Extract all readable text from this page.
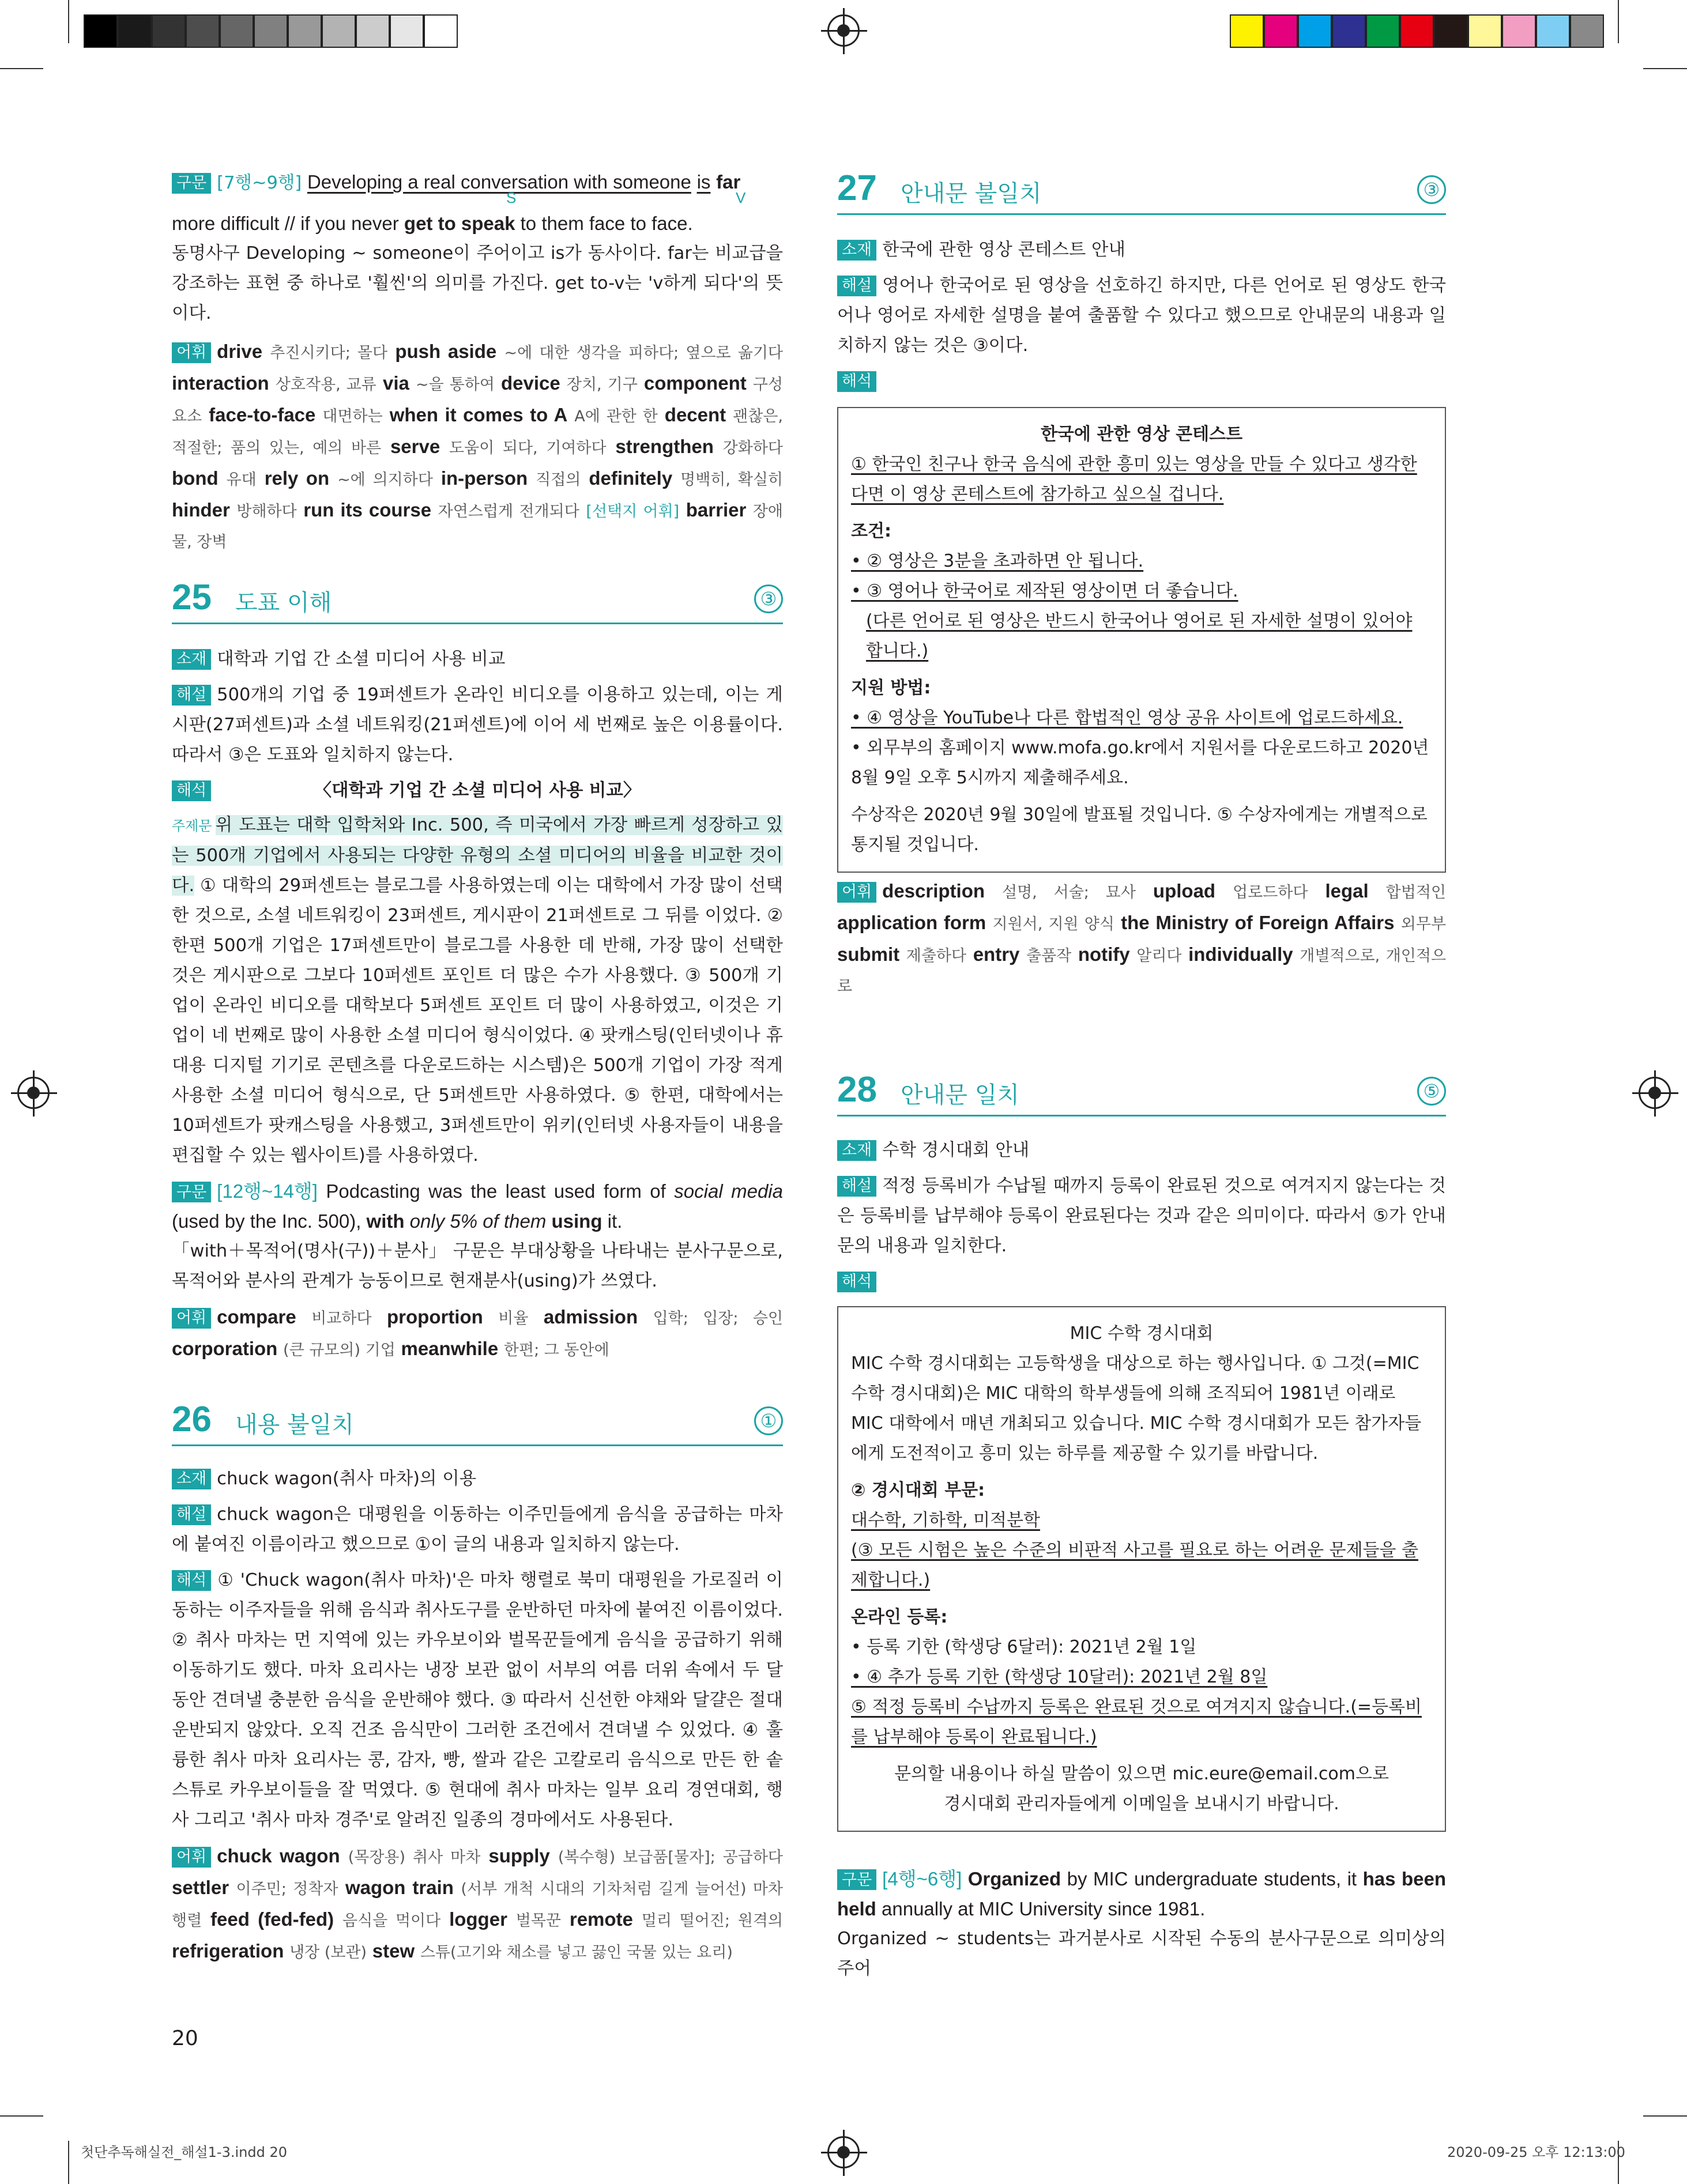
구문 [7행~9행] Developing a real conversation with someone is far

S	V

more difficult // if you never get to speak to them face to face.

동명사구 Developing ~ someone이 주어이고 is가 동사이다. far는 비교급을 강조하는 표현 중 하나로 '훨씬'의 의미를 가진다. get to-v는 'v하게 되다'의 뜻이다.

어휘 drive 추진시키다; 몰다 push aside ~에 대한 생각을 피하다; 옆으로 옮기다 interaction 상호작용, 교류 via ~을 통하여 device 장치, 기구 component 구성요소 face-to-face 대면하는 when it comes to A A에 관한 한 decent 괜찮은, 적절한; 품의 있는, 예의 바른 serve 도움이 되다, 기여하다 strengthen 강화하다 bond 유대 rely on ~에 의지하다 in-person 직접의 definitely 명백히, 확실히 hinder 방해하다 run its course 자연스럽게 전개되다 [선택지 어휘] barrier 장애물, 장벽

25 도표 이해	③

소재 대학과 기업 간 소셜 미디어 사용 비교

해설 500개의 기업 중 19퍼센트가 온라인 비디오를 이용하고 있는데, 이는 게시판(27퍼센트)과 소셜 네트워킹(21퍼센트)에 이어 세 번째로 높은 이용률이다. 따라서 ③은 도표와 일치하지 않는다.

해석	〈대학과 기업 간 소셜 미디어 사용 비교〉

주제문 위 도표는 대학 입학처와 Inc. 500, 즉 미국에서 가장 빠르게 성장하고 있는 500개 기업에서 사용되는 다양한 유형의 소셜 미디어의 비율을 비교한 것이다. ① 대학의 29퍼센트는 블로그를 사용하였는데 이는 대학에서 가장 많이 선택한 것으로, 소셜 네트워킹이 23퍼센트, 게시판이 21퍼센트로 그 뒤를 이었다. ② 한편 500개 기업은 17퍼센트만이 블로그를 사용한 데 반해, 가장 많이 선택한 것은 게시판으로 그보다 10퍼센트 포인트 더 많은 수가 사용했다. ③ 500개 기업이 온라인 비디오를 대학보다 5퍼센트 포인트 더 많이 사용하였고, 이것은 기업이 네 번째로 많이 사용한 소셜 미디어 형식이었다. ④ 팟캐스팅(인터넷이나 휴대용 디지털 기기로 콘텐츠를 다운로드하는 시스템)은 500개 기업이 가장 적게 사용한 소셜 미디어 형식으로, 단 5퍼센트만 사용하였다. ⑤ 한편, 대학에서는 10퍼센트가 팟캐스팅을 사용했고, 3퍼센트만이 위키(인터넷 사용자들이 내용을 편집할 수 있는 웹사이트)를 사용하였다.

구문 [12행~14행] Podcasting was the least used form of social media (used by the Inc. 500), with only 5% of them using it.

「with＋목적어(명사(구))＋분사」 구문은 부대상황을 나타내는 분사구문으로, 목적어와 분사의 관계가 능동이므로 현재분사(using)가 쓰였다.

어휘 compare 비교하다 proportion 비율 admission 입학; 입장; 승인 corporation (큰 규모의) 기업 meanwhile 한편; 그 동안에

26 내용 불일치	①

소재 chuck wagon(취사 마차)의 이용

해설 chuck wagon은 대평원을 이동하는 이주민들에게 음식을 공급하는 마차에 붙여진 이름이라고 했으므로 ①이 글의 내용과 일치하지 않는다.

해석 ① 'Chuck wagon(취사 마차)'은 마차 행렬로 북미 대평원을 가로질러 이동하는 이주자들을 위해 음식과 취사도구를 운반하던 마차에 붙여진 이름이었다. ② 취사 마차는 먼 지역에 있는 카우보이와 벌목꾼들에게 음식을 공급하기 위해 이동하기도 했다. 마차 요리사는 냉장 보관 없이 서부의 여름 더위 속에서 두 달 동안 견뎌낼 충분한 음식을 운반해야 했다. ③ 따라서 신선한 야채와 달걀은 절대 운반되지 않았다. 오직 건조 음식만이 그러한 조건에서 견뎌낼 수 있었다. ④ 훌륭한 취사 마차 요리사는 콩, 감자, 빵, 쌀과 같은 고칼로리 음식으로 만든 한 솥 스튜로 카우보이들을 잘 먹였다. ⑤ 현대에 취사 마차는 일부 요리 경연대회, 행사 그리고 '취사 마차 경주'로 알려진 일종의 경마에서도 사용된다.

어휘 chuck wagon (목장용) 취사 마차 supply (복수형) 보급품[물자]; 공급하다 settler 이주민; 정착자 wagon train (서부 개척 시대의 기차처럼 길게 늘어선) 마차 행렬 feed (fed-fed) 음식을 먹이다 logger 벌목꾼 remote 멀리 떨어진; 원격의 refrigeration 냉장 (보관) stew 스튜(고기와 채소를 넣고 끓인 국물 있는 요리)

20
27 안내문 불일치	③

소재 한국에 관한 영상 콘테스트 안내

해설 영어나 한국어로 된 영상을 선호하긴 하지만, 다른 언어로 된 영상도 한국어나 영어로 자세한 설명을 붙여 출품할 수 있다고 했으므로 안내문의 내용과 일치하지 않는 것은 ③이다.

해석

한국에 관한 영상 콘테스트

① 한국인 친구나 한국 음식에 관한 흥미 있는 영상을 만들 수 있다고 생각한다면 이 영상 콘테스트에 참가하고 싶으실 겁니다.

조건:

• ② 영상은 3분을 초과하면 안 됩니다.

• ③ 영어나 한국어로 제작된 영상이면 더 좋습니다.

(다른 언어로 된 영상은 반드시 한국어나 영어로 된 자세한 설명이 있어야 합니다.)

지원 방법:

• ④ 영상을 YouTube나 다른 합법적인 영상 공유 사이트에 업로드하세요.

• 외무부의 홈페이지 www.mofa.go.kr에서 지원서를 다운로드하고 2020년 8월 9일 오후 5시까지 제출해주세요.

수상작은 2020년 9월 30일에 발표될 것입니다. ⑤ 수상자에게는 개별적으로 통지될 것입니다.

어휘 description 설명, 서술; 묘사 upload 업로드하다 legal 합법적인 application form 지원서, 지원 양식 the Ministry of Foreign Affairs 외무부 submit 제출하다 entry 출품작 notify 알리다 individually 개별적으로, 개인적으로

28 안내문 일치	⑤

소재 수학 경시대회 안내

해설 적정 등록비가 수납될 때까지 등록이 완료된 것으로 여겨지지 않는다는 것은 등록비를 납부해야 등록이 완료된다는 것과 같은 의미이다. 따라서 ⑤가 안내문의 내용과 일치한다.

해석

MIC 수학 경시대회

MIC 수학 경시대회는 고등학생을 대상으로 하는 행사입니다. ① 그것(=MIC 수학 경시대회)은 MIC 대학의 학부생들에 의해 조직되어 1981년 이래로 MIC 대학에서 매년 개최되고 있습니다. MIC 수학 경시대회가 모든 참가자들에게 도전적이고 흥미 있는 하루를 제공할 수 있기를 바랍니다.

② 경시대회 부문:

대수학, 기하학, 미적분학

(③ 모든 시험은 높은 수준의 비판적 사고를 필요로 하는 어려운 문제들을 출제합니다.)

온라인 등록:

• 등록 기한 (학생당 6달러): 2021년 2월 1일

• ④ 추가 등록 기한 (학생당 10달러): 2021년 2월 8일

⑤ 적정 등록비 수납까지 등록은 완료된 것으로 여겨지지 않습니다.(=등록비를 납부해야 등록이 완료됩니다.)

문의할 내용이나 하실 말씀이 있으면 mic.eure@email.com으로

경시대회 관리자들에게 이메일을 보내시기 바랍니다.

구문 [4행~6행] Organized by MIC undergraduate students, it has been held annually at MIC University since 1981.

Organized ~ students는 과거분사로 시작된 수동의 분사구문으로 의미상의 주어

첫단추독해실전_해설1-3.indd 20	2020-09-25 오후 12:13:00
